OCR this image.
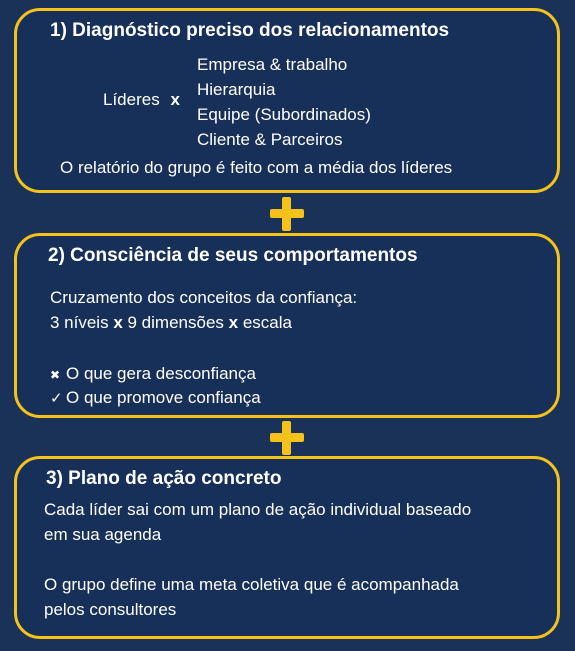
1) Diagnóstico preciso dos relacionamentos
Líderes x
Empresa & trabalho
Hierarquia
Equipe (Subordinados)
Cliente & Parceiros
O relatório do grupo é feito com a média dos líderes
2) Consciência de seus comportamentos
Cruzamento dos conceitos da confiança:
3 níveis x 9 dimensões x escala
✖ O que gera desconfiança
✓ O que promove confiança
3) Plano de ação concreto
Cada líder sai com um plano de ação individual baseado
em sua agenda
O grupo define uma meta coletiva que é acompanhada
pelos consultores
